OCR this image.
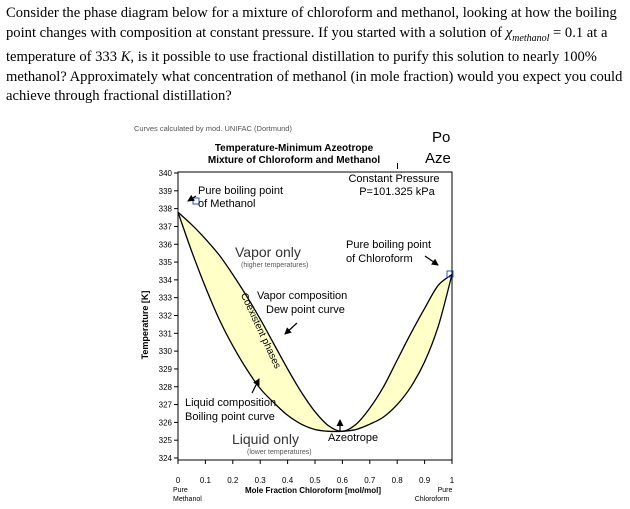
Consider the phase diagram below for a mixture of chloroform and methanol, looking at how the boiling point changes with composition at constant pressure. If you started with a solution of $\chi_{methanol} = 0.1$ at a temperature of 333 K, is it possible to use fractional distillation to purify this solution to nearly 100% methanol? Approximately what concentration of methanol (in mole fraction) would you expect you could achieve through fractional distillation?
Curves calculated by mod. UNIFAC (Dortmund)
Temperature-Minimum Azeotrope
Mixture of Chloroform and Methanol
Po
Aze
324
325
326
327
328
329
330
331
332
333
334
335
336
337
338
339
340
0 0.1 0.2 0.3 0.4 0.5 0.6 0.7 0.8 0.9 1
Constant Pressure
P=101.325 kPa
Temperature [K]
Mole Fraction Chloroform [mol/mol]
Pure
Methanol
Pure
Chloroform
Pure boiling point
of Methanol
Pure boiling point
of Chloroform
Vapor only
(higher temperatures)
Vapor composition
Dew point curve
Coexistent phases
Liquid composition
Boiling point curve
Liquid only
(lower temperatures)
Azeotrope
